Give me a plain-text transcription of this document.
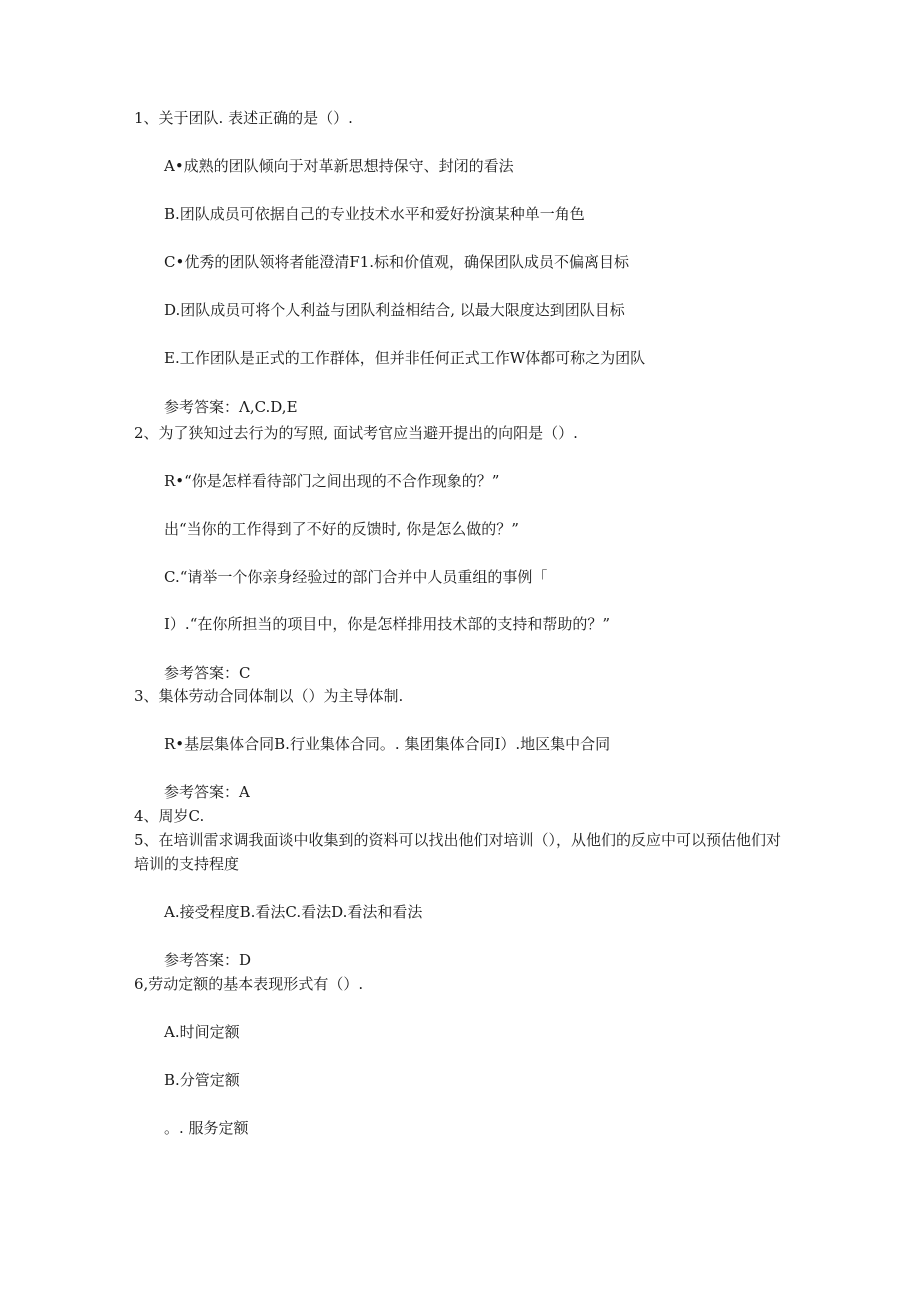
1、关于团队. 表述正确的是（）.
A•成熟的团队倾向于对革新思想持保守、封闭的看法
B.团队成员可依据自己的专业技术水平和爱好扮演某种单一角色
C•优秀的团队领将者能澄清F1.标和价值观，确保团队成员不偏离目标
D.团队成员可将个人利益与团队利益相结合, 以最大限度达到团队目标
E.工作团队是正式的工作群体，但并非任何正式工作W体都可称之为团队
参考答案：Λ,C.D,E
2、为了狭知过去行为的写照, 面试考官应当避开提出的向阳是（）.
R•“你是怎样看待部门之间出现的不合作现象的？”
出“当你的工作得到了不好的反馈时, 你是怎么做的？”
C.“请举一个你亲身经验过的部门合并中人员重组的事例「
I）.“在你所担当的项目中，你是怎样排用技术部的支持和帮助的？”
参考答案：C
3、集体劳动合同体制以（）为主导体制.
R•基层集体合同B.行业集体合同。. 集团集体合同I）.地区集中合同
参考答案：A
4、周岁C.
5、在培训雷求调我面谈中收集到的资料可以找出他们对培训（），从他们的反应中可以预估他们对培训的支持程度
A.接受程度B.看法C.看法D.看法和看法
参考答案：D
6,劳动定额的基本表现形式有（）.
A.时间定额
B.分管定额
。. 服务定额
